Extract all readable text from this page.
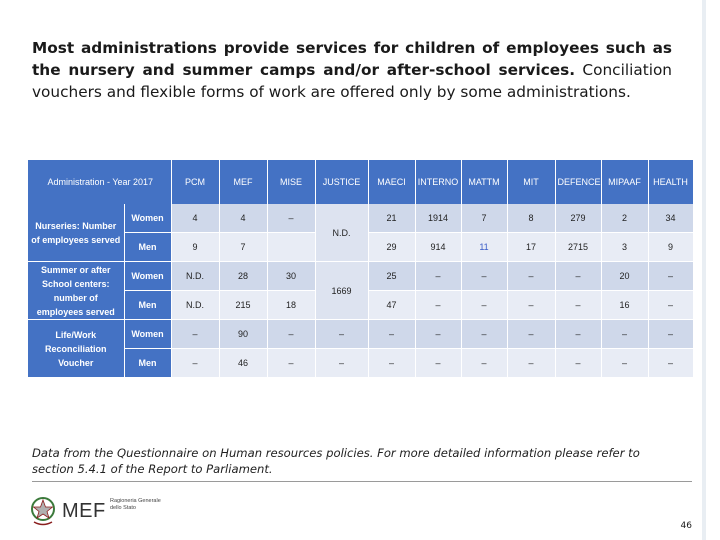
Most administrations provide services for children of employees such as the nursery and summer camps and/or after-school services. Conciliation vouchers and flexible forms of work are offered only by some administrations.
Administration - Year 2017		PCM	MEF	MISE	JUSTICE	MAECI	INTERNO	MATTM	MIT	DEFENCE	MIPAAF	HEALTH
Nurseries: Number of employees served	Women	4	4	–	N.D.	21	1914	7	8	279	2	34
	Men	9	7			29	914	11	17	2715	3	9
Summer or after School centers: number of employees served	Women	N.D.	28	30	1669	25	–	–	–	–	20	–
	Men	N.D.	215	18		47	–	–	–	–	16	–
Life/Work Reconciliation Voucher	Women	–	90	–	–	–	–	–	–	–	–	–
	Men	–	46	–	–	–	–	–	–	–	–	–
Data from the Questionnaire on Human resources policies. For more detailed information please refer to section 5.4.1 of the Report to Parliament.
MEF Ragioneria Generale dello Stato
46
